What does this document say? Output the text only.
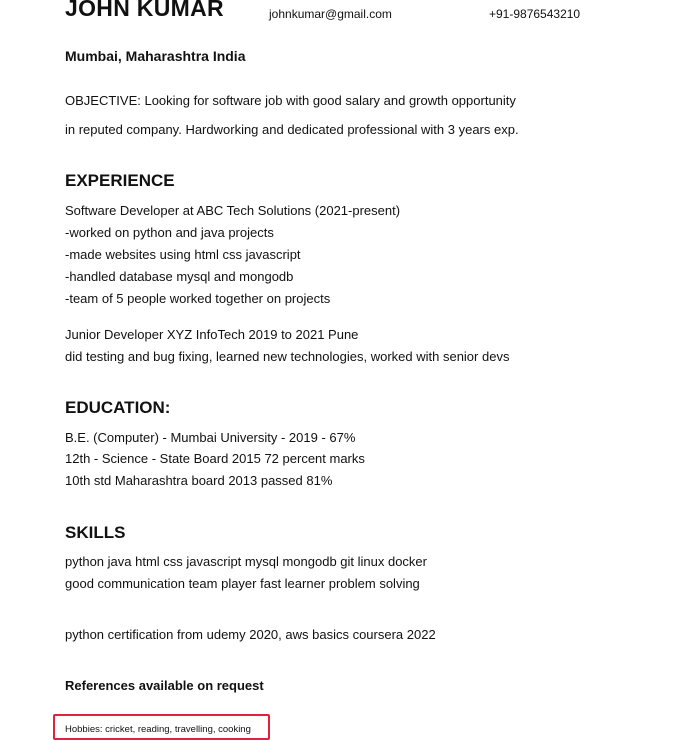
JOHN KUMAR	johnkumar@gmail.com	+91-9876543210
Mumbai, Maharashtra India
OBJECTIVE: Looking for software job with good salary and growth opportunity
in reputed company. Hardworking and dedicated professional with 3 years exp.
EXPERIENCE
Software Developer at ABC Tech Solutions (2021-present)
-worked on python and java projects
-made websites using html css javascript
-handled database mysql and mongodb
-team of 5 people worked together on projects
Junior Developer XYZ InfoTech 2019 to 2021 Pune
did testing and bug fixing, learned new technologies, worked with senior devs
EDUCATION:
B.E. (Computer) - Mumbai University - 2019 - 67%
12th - Science - State Board 2015 72 percent marks
10th std Maharashtra board 2013 passed 81%
SKILLS
python java html css javascript mysql mongodb git linux docker
good communication team player fast learner problem solving
python certification from udemy 2020, aws basics coursera 2022
References available on request
Hobbies: cricket, reading, travelling, cooking
